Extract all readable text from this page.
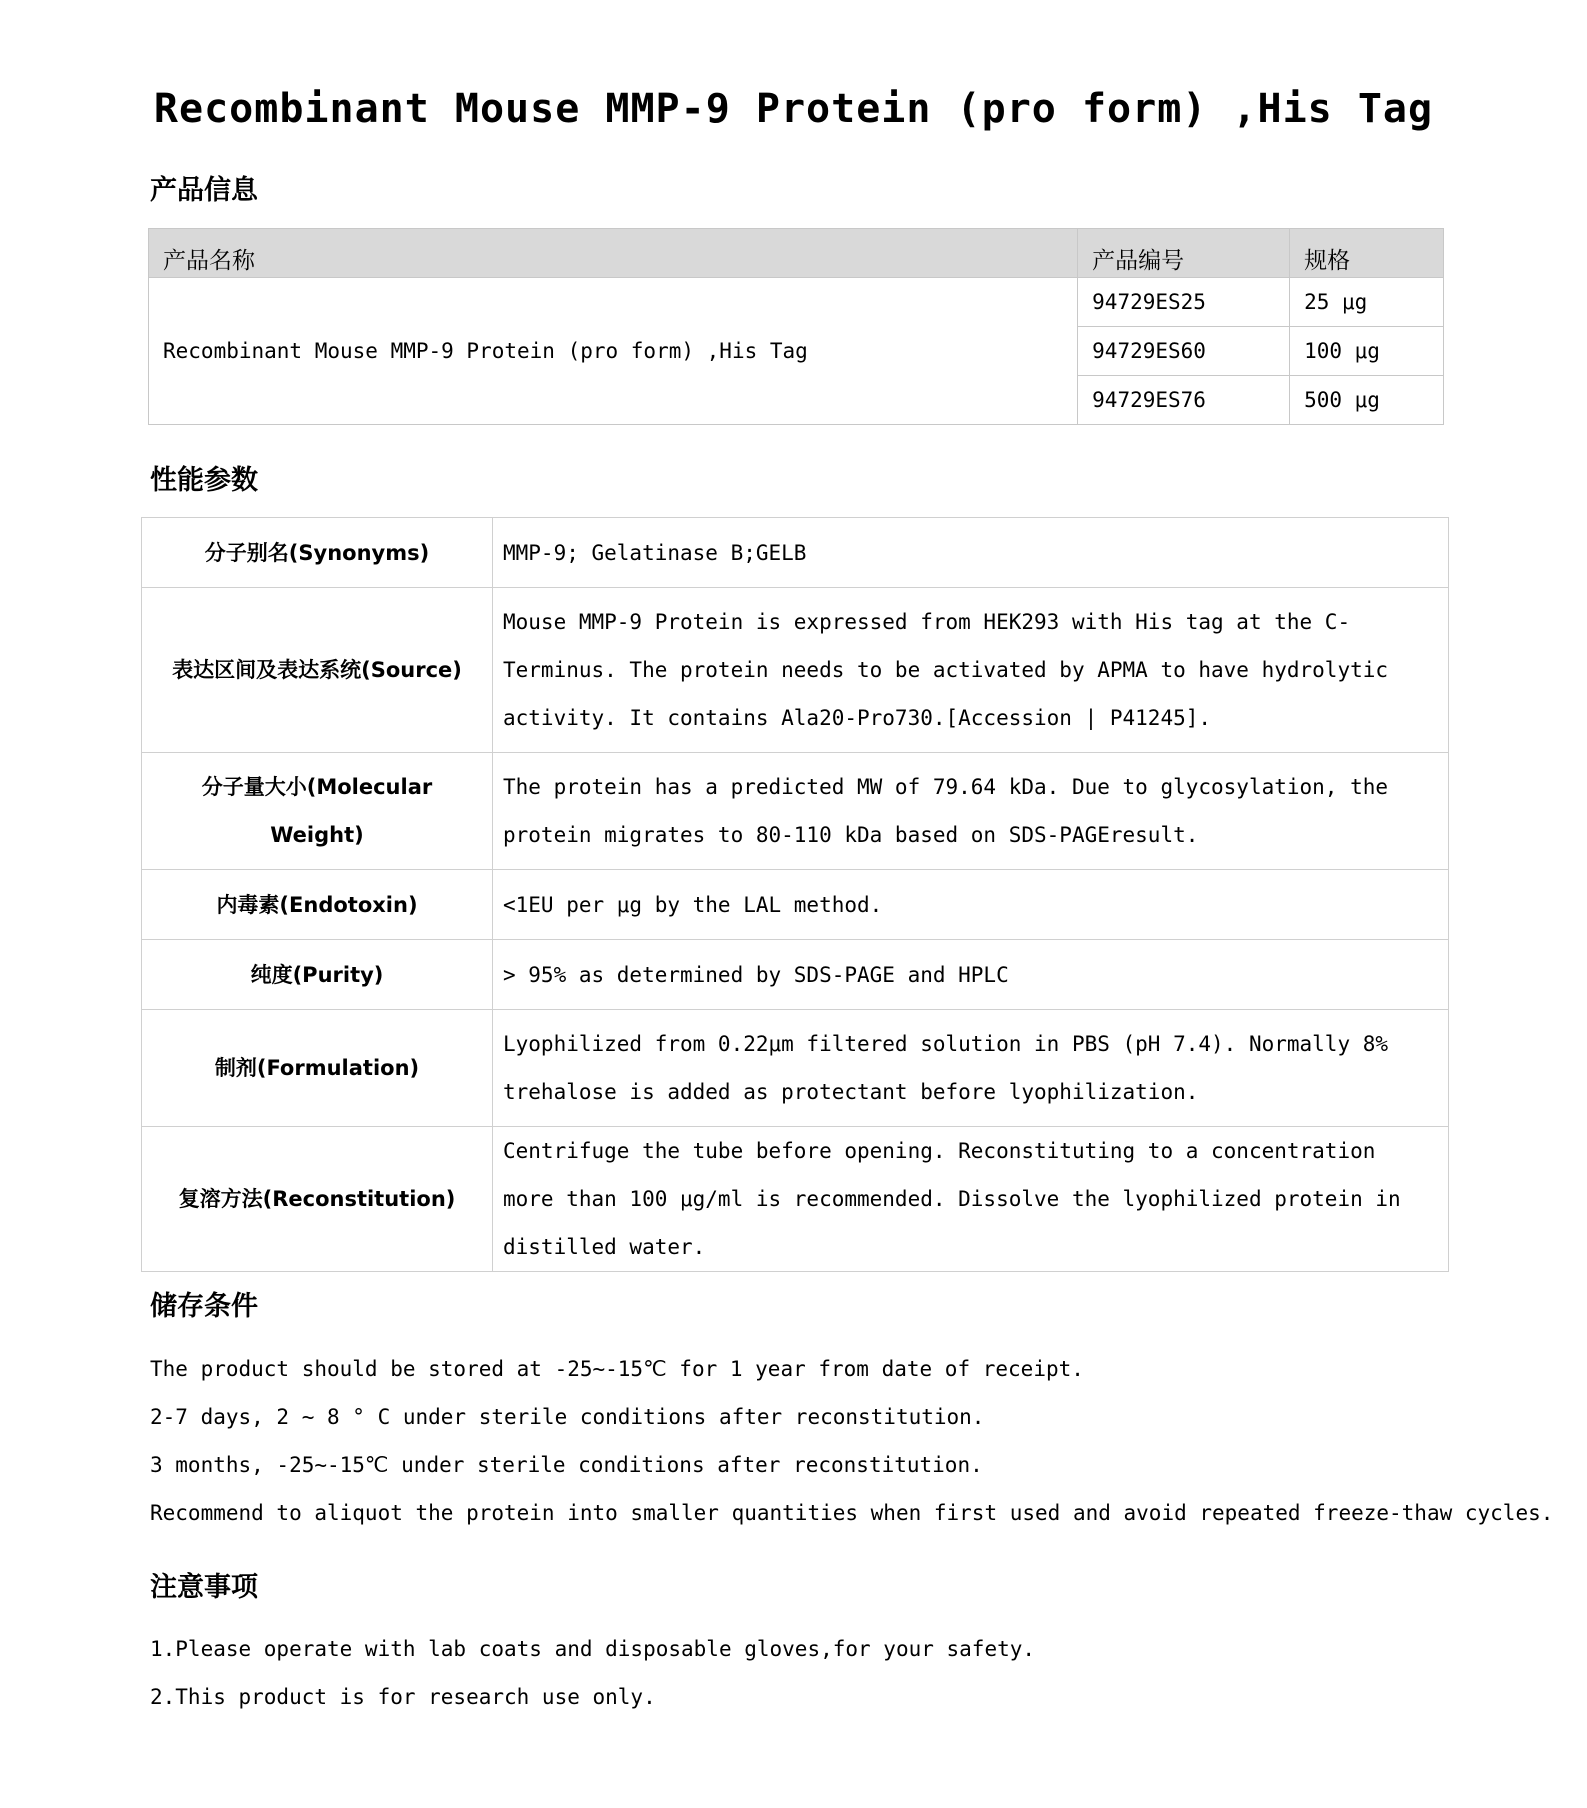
Recombinant Mouse MMP-9 Protein (pro form) ,His Tag
产品信息
产品名称	产品编号	规格
Recombinant Mouse MMP-9 Protein (pro form) ,His Tag	94729ES25	25 μg
	94729ES60	100 μg
	94729ES76	500 μg
性能参数
分子别名(Synonyms)	MMP-9; Gelatinase B;GELB
表达区间及表达系统(Source)	Mouse MMP-9 Protein is expressed from HEK293 with His tag at the C-Terminus. The protein needs to be activated by APMA to have hydrolytic activity. It contains Ala20-Pro730.[Accession | P41245].
分子量大小(Molecular Weight)	The protein has a predicted MW of 79.64 kDa. Due to glycosylation, the protein migrates to 80-110 kDa based on SDS-PAGEresult.
内毒素(Endotoxin)	<1EU per μg by the LAL method.
纯度(Purity)	> 95% as determined by SDS-PAGE and HPLC
制剂(Formulation)	Lyophilized from 0.22μm filtered solution in PBS (pH 7.4). Normally 8% trehalose is added as protectant before lyophilization.
复溶方法(Reconstitution)	Centrifuge the tube before opening. Reconstituting to a concentration more than 100 μg/ml is recommended. Dissolve the lyophilized protein in distilled water.
储存条件
The product should be stored at -25~-15℃ for 1 year from date of receipt.
2-7 days, 2 ~ 8 ° C under sterile conditions after reconstitution.
3 months, -25~-15℃ under sterile conditions after reconstitution.
Recommend to aliquot the protein into smaller quantities when first used and avoid repeated freeze-thaw cycles.
注意事项
1.Please operate with lab coats and disposable gloves,for your safety.
2.This product is for research use only.
